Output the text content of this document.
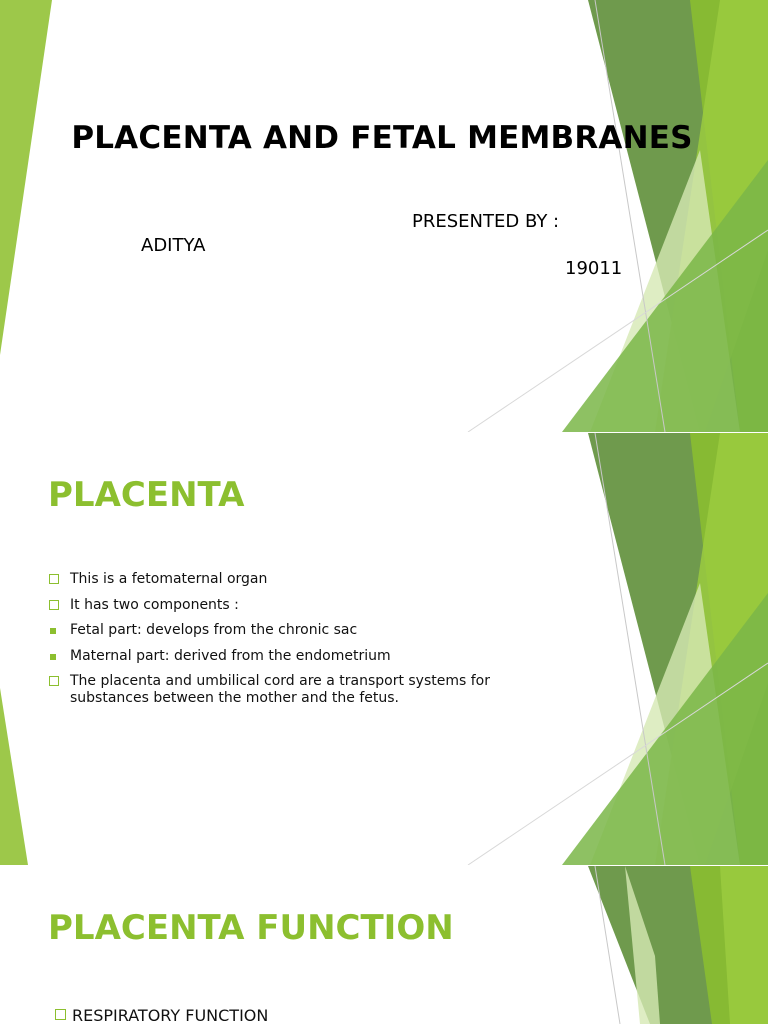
PLACENTA AND FETAL MEMBRANES
PRESENTED BY :
ADITYA
19011
PLACENTA
This is a fetomaternal organ
It has two components :
Fetal part: develops from the chronic sac
Maternal part: derived from the endometrium
The placenta and umbilical cord are a transport systems for substances between the mother and the fetus.
PLACENTA FUNCTION
RESPIRATORY FUNCTION
